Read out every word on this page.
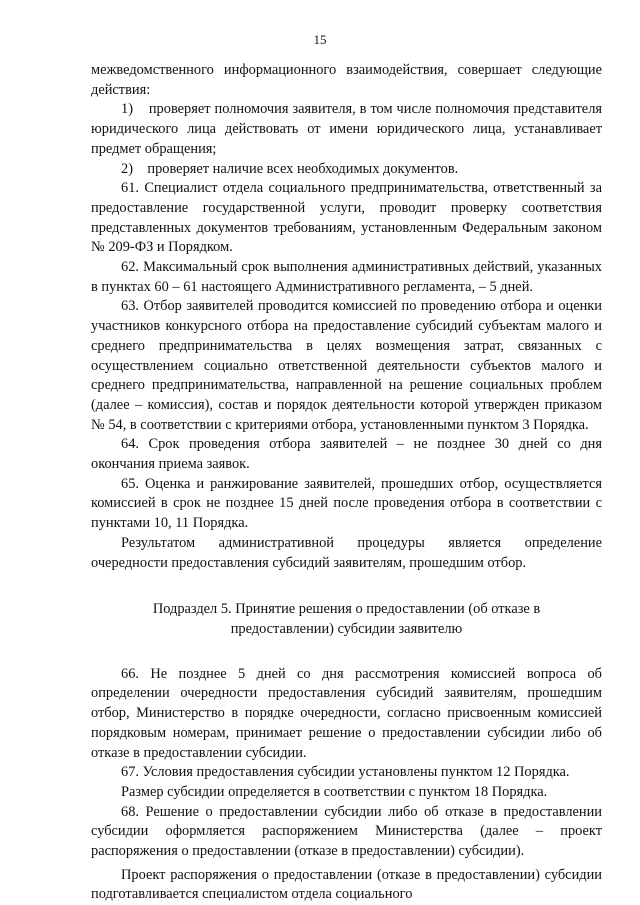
15

межведомственного информационного взаимодействия, совершает следующие действия:

1)    проверяет полномочия заявителя, в том числе полномочия представителя юридического лица действовать от имени юридического лица, устанавливает предмет обращения;

2)    проверяет наличие всех необходимых документов.

61. Специалист отдела социального предпринимательства, ответственный за предоставление государственной услуги, проводит проверку соответствия представленных документов требованиям, установленным Федеральным законом № 209-ФЗ и Порядком.

62. Максимальный срок выполнения административных действий, указанных в пунктах 60 – 61 настоящего Административного регламента, – 5 дней.

63. Отбор заявителей проводится комиссией по проведению отбора и оценки участников конкурсного отбора на предоставление субсидий субъектам малого и среднего предпринимательства в целях возмещения затрат, связанных с осуществлением социально ответственной деятельности субъектов малого и среднего предпринимательства, направленной на решение социальных проблем (далее – комиссия), состав и порядок деятельности которой утвержден приказом № 54, в соответствии с критериями отбора, установленными пунктом 3 Порядка.

64. Срок проведения отбора заявителей – не позднее 30 дней со дня окончания приема заявок.

65. Оценка и ранжирование заявителей, прошедших отбор, осуществляется комиссией в срок не позднее 15 дней после проведения отбора в соответствии с пунктами 10, 11 Порядка.

Результатом административной процедуры является определение очередности предоставления субсидий заявителям, прошедшим отбор.

Подраздел 5. Принятие решения о предоставлении (об отказе в предоставлении) субсидии заявителю

66. Не позднее 5 дней со дня рассмотрения комиссией вопроса об определении очередности предоставления субсидий заявителям, прошедшим отбор, Министерство в порядке очередности, согласно присвоенным комиссией порядковым номерам, принимает решение о предоставлении субсидии либо об отказе в предоставлении субсидии.

67. Условия предоставления субсидии установлены пунктом 12 Порядка.

Размер субсидии определяется в соответствии с пунктом 18 Порядка.

68. Решение о предоставлении субсидии либо об отказе в предоставлении субсидии оформляется распоряжением Министерства (далее – проект распоряжения о предоставлении (отказе в предоставлении) субсидии).

Проект распоряжения о предоставлении (отказе в предоставлении) субсидии подготавливается специалистом отдела социального
